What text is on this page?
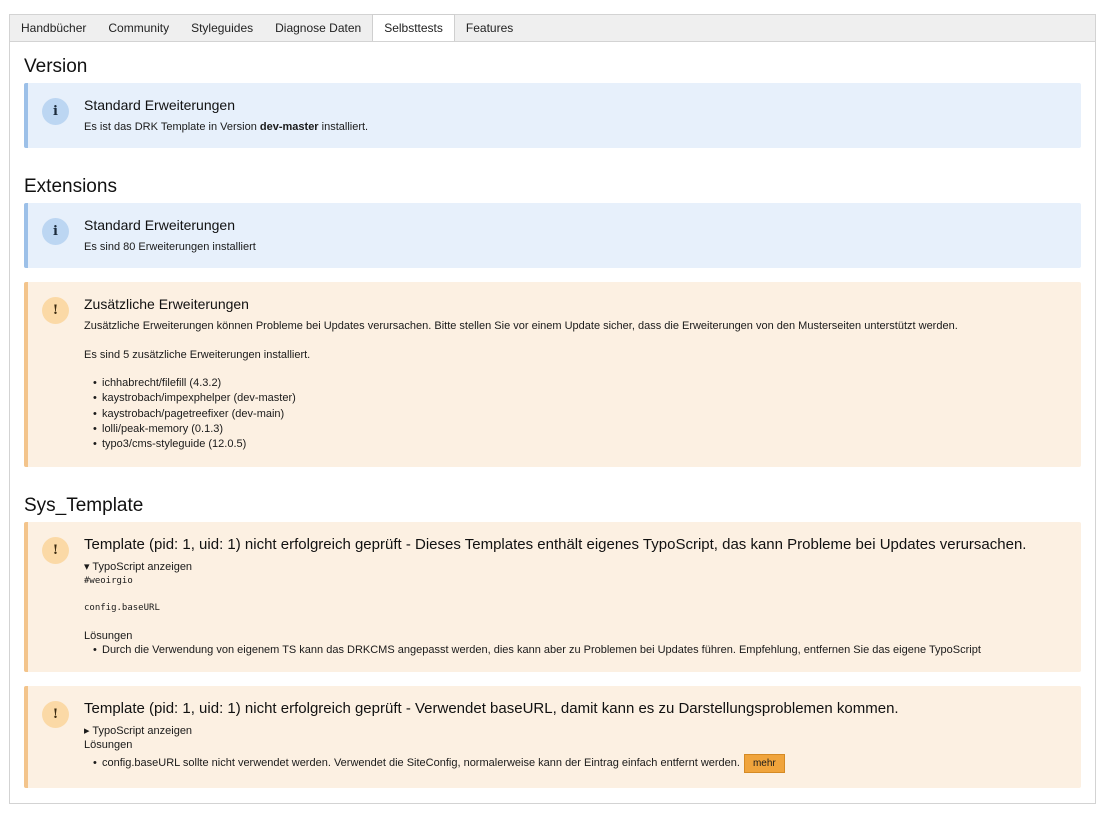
Handbücher	Community	Styleguides	Diagnose Daten	Selbsttests	Features
Version
i	Standard Erweiterungen
Es ist das DRK Template in Version dev-master installiert.
Extensions
i	Standard Erweiterungen
Es sind 80 Erweiterungen installiert
!	Zusätzliche Erweiterungen
Zusätzliche Erweiterungen können Probleme bei Updates verursachen. Bitte stellen Sie vor einem Update sicher, dass die Erweiterungen von den Musterseiten unterstützt werden.
Es sind 5 zusätzliche Erweiterungen installiert.
• ichhabrecht/filefill (4.3.2)
• kaystrobach/impexphelper (dev-master)
• kaystrobach/pagetreefixer (dev-main)
• lolli/peak-memory (0.1.3)
• typo3/cms-styleguide (12.0.5)
Sys_Template
!	Template (pid: 1, uid: 1) nicht erfolgreich geprüft - Dieses Templates enthält eigenes TypoScript, das kann Probleme bei Updates verursachen.
▾ TypoScript anzeigen
#weoirgio
config.baseURL
Lösungen
• Durch die Verwendung von eigenem TS kann das DRKCMS angepasst werden, dies kann aber zu Problemen bei Updates führen. Empfehlung, entfernen Sie das eigene TypoScript
!	Template (pid: 1, uid: 1) nicht erfolgreich geprüft - Verwendet baseURL, damit kann es zu Darstellungsproblemen kommen.
▸ TypoScript anzeigen
Lösungen
• config.baseURL sollte nicht verwendet werden. Verwendet die SiteConfig, normalerweise kann der Eintrag einfach entfernt werden. mehr
